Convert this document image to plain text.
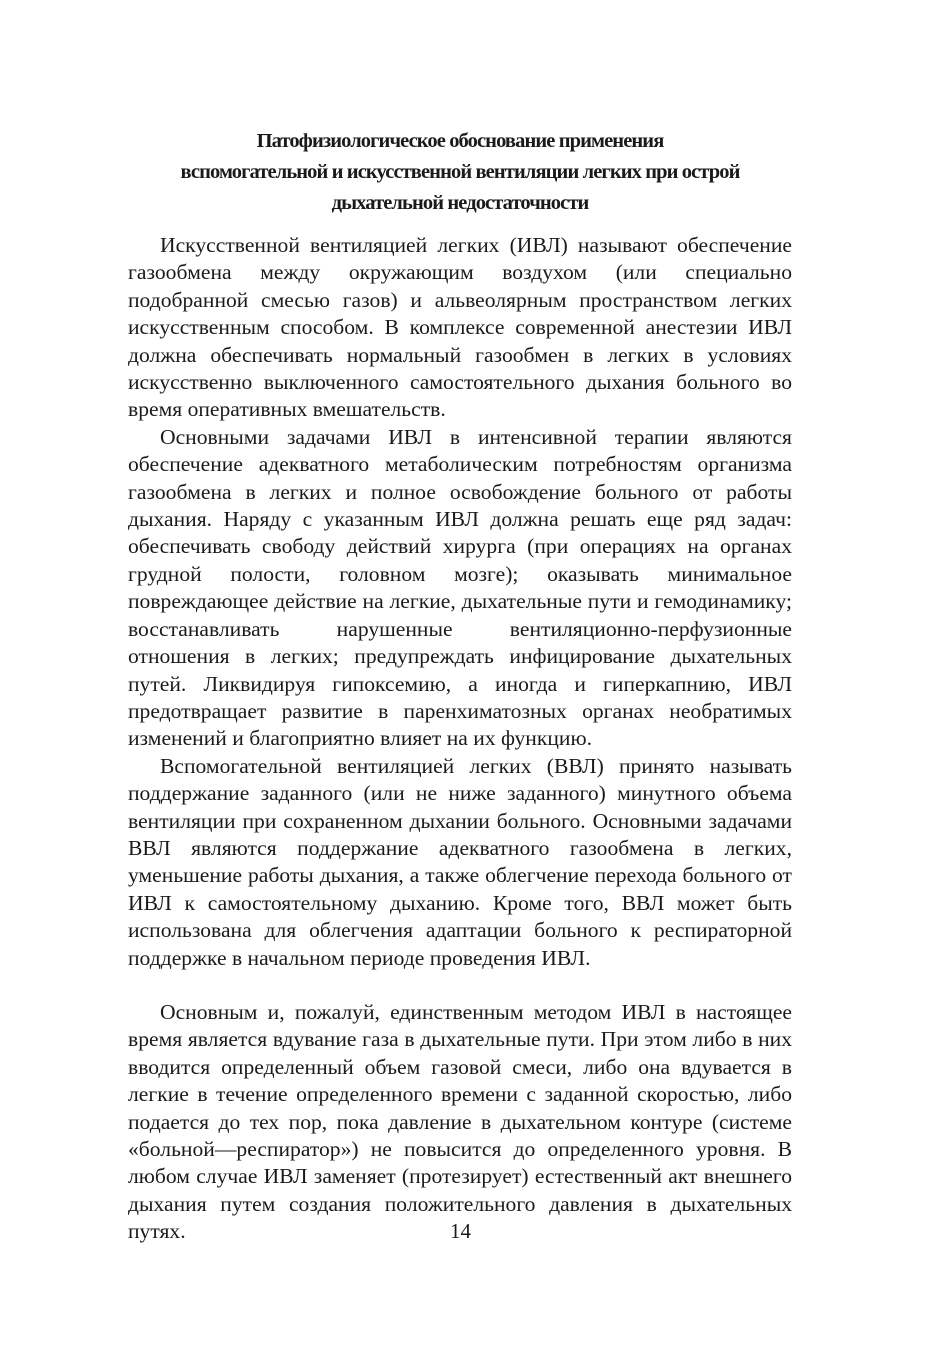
Патофизиологическое обоснование применения
вспомогательной и искусственной вентиляции легких при острой
дыхательной недостаточности

Искусственной вентиляцией легких (ИВЛ) называют обеспечение газообмена между окружающим воздухом (или специально подобранной смесью газов) и альвеолярным пространством легких искусственным способом. В комплексе современной анестезии ИВЛ должна обеспечивать нормальный газообмен в легких в условиях искусственно выключенного самостоятельного дыхания больного во время оперативных вмешательств.

Основными задачами ИВЛ в интенсивной терапии являются обеспечение адекватного метаболическим потребностям организма газообмена в легких и полное освобождение больного от работы дыхания. Наряду с указанным ИВЛ должна решать еще ряд задач: обеспечивать свободу действий хирурга (при операциях на органах грудной полости, головном мозге); оказывать минимальное повреждающее действие на легкие, дыхательные пути и гемодинамику; восстанавливать нарушенные вентиляционно-перфузионные отношения в легких; предупреждать инфицирование дыхательных путей. Ликвидируя гипоксемию, а иногда и гиперкапнию, ИВЛ предотвращает развитие в паренхиматозных органах необратимых изменений и благоприятно влияет на их функцию.

Вспомогательной вентиляцией легких (ВВЛ) принято называть поддержание заданного (или не ниже заданного) минутного объема вентиляции при сохраненном дыхании больного. Основными задачами ВВЛ являются поддержание адекватного газообмена в легких, уменьшение работы дыхания, а также облегчение перехода больного от ИВЛ к самостоятельному дыханию. Кроме того, ВВЛ может быть использована для облегчения адаптации больного к респираторной поддержке в начальном периоде проведения ИВЛ.

Основным и, пожалуй, единственным методом ИВЛ в настоящее время является вдувание газа в дыхательные пути. При этом либо в них вводится определенный объем газовой смеси, либо она вдувается в легкие в течение определенного времени с заданной скоростью, либо подается до тех пор, пока давление в дыхательном контуре (системе «больной—респиратор») не повысится до определенного уровня. В любом случае ИВЛ заменяет (протезирует) естественный акт внешнего дыхания путем создания положительного давления в дыхательных путях.	14
